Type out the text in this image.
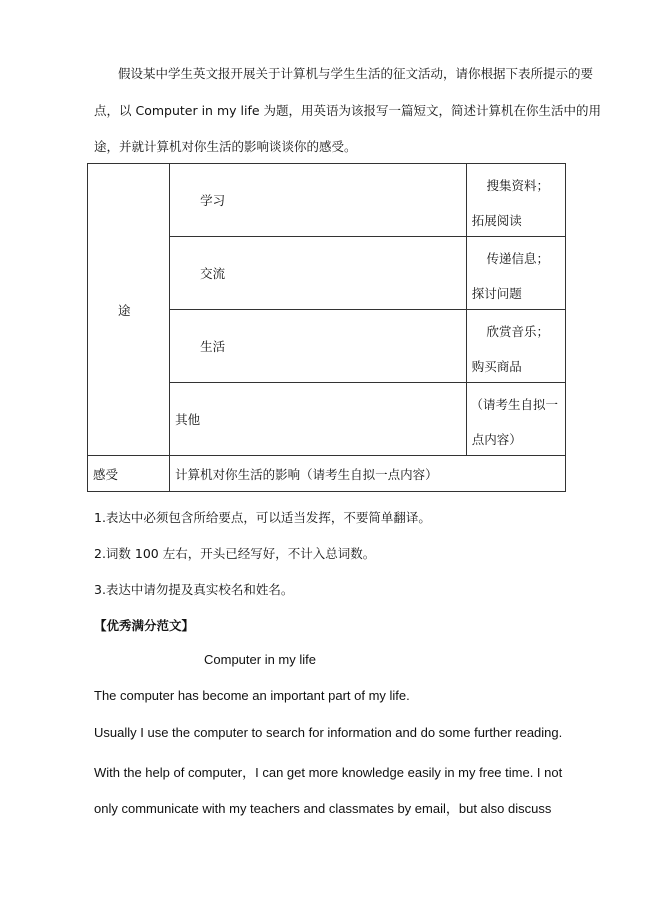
假设某中学生英文报开展关于计算机与学生生活的征文活动，请你根据下表所提示的要
点，以 Computer in my life 为题，用英语为该报写一篇短文，简述计算机在你生活中的用
途，并就计算机对你生活的影响谈谈你的感受。
途	学习	搜集资料；
拓展阅读

	交流	传递信息；
探讨问题

	生活	欣赏音乐；
购买商品

	其他	（请考生自拟一
点内容）

感受	计算机对你生活的影响（请考生自拟一点内容）	
1.表达中必须包含所给要点，可以适当发挥，不要简单翻译。
2.词数 100 左右，开头已经写好，不计入总词数。
3.表达中请勿提及真实校名和姓名。
【优秀满分范文】
Computer in my life
The computer has become an important part of my life.
Usually I use the computer to search for information and do some further reading.
With the help of computer，I can get more knowledge easily in my free time. I not
only communicate with my teachers and classmates by email，but also discuss
